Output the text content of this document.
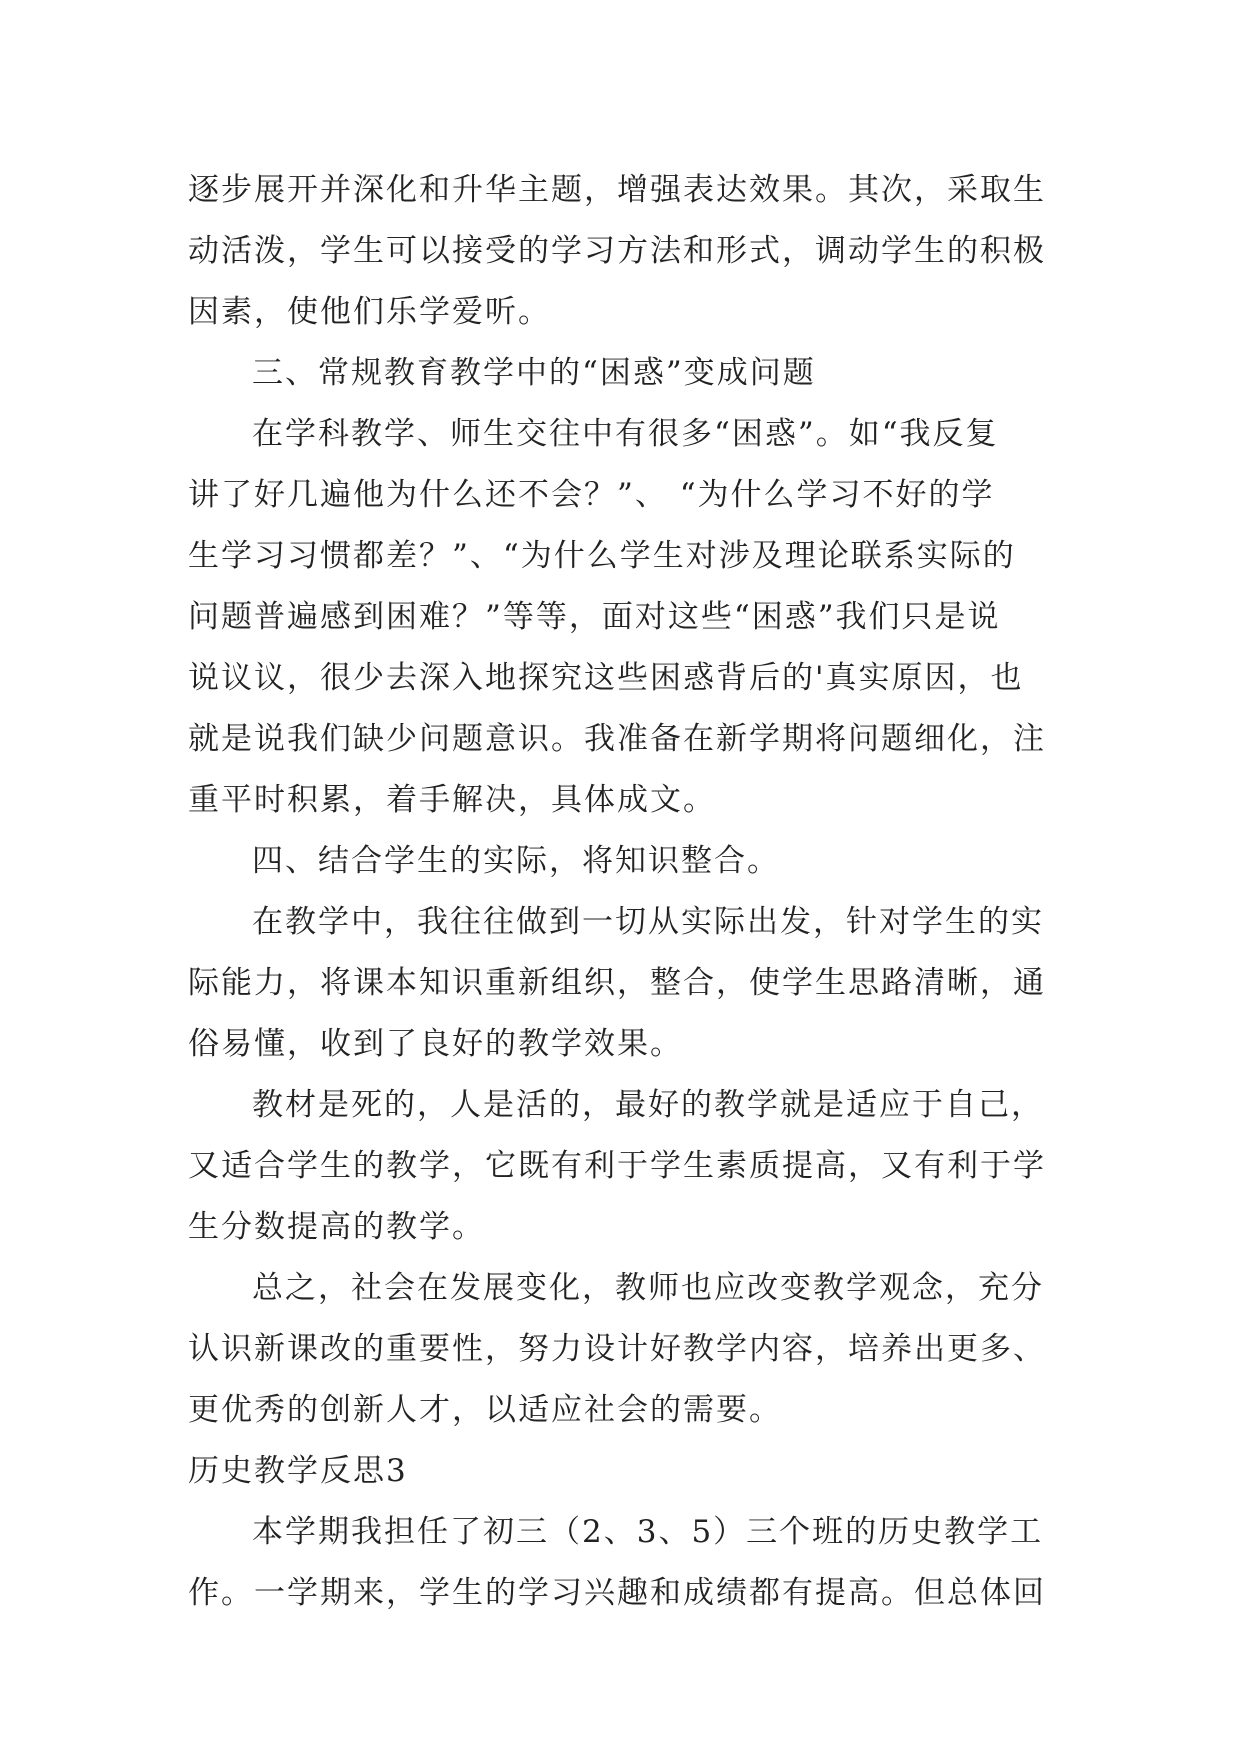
逐步展开并深化和升华主题，增强表达效果。其次，采取生
动活泼，学生可以接受的学习方法和形式，调动学生的积极
因素，使他们乐学爱听。
三、常规教育教学中的“困惑”变成问题
在学科教学、师生交往中有很多“困惑”。如“我反复
讲了好几遍他为什么还不会？”、 “为什么学习不好的学
生学习习惯都差？”、“为什么学生对涉及理论联系实际的
问题普遍感到困难？”等等，面对这些“困惑”我们只是说
说议议，很少去深入地探究这些困惑背后的'真实原因，也
就是说我们缺少问题意识。我准备在新学期将问题细化，注
重平时积累，着手解决，具体成文。
四、结合学生的实际，将知识整合。
在教学中，我往往做到一切从实际出发，针对学生的实
际能力，将课本知识重新组织，整合，使学生思路清晰，通
俗易懂，收到了良好的教学效果。
教材是死的，人是活的，最好的教学就是适应于自己，
又适合学生的教学，它既有利于学生素质提高，又有利于学
生分数提高的教学。
总之，社会在发展变化，教师也应改变教学观念，充分
认识新课改的重要性，努力设计好教学内容，培养出更多、
更优秀的创新人才，以适应社会的需要。
历史教学反思3
本学期我担任了初三（2、3、5）三个班的历史教学工
作。一学期来，学生的学习兴趣和成绩都有提高。但总体回
